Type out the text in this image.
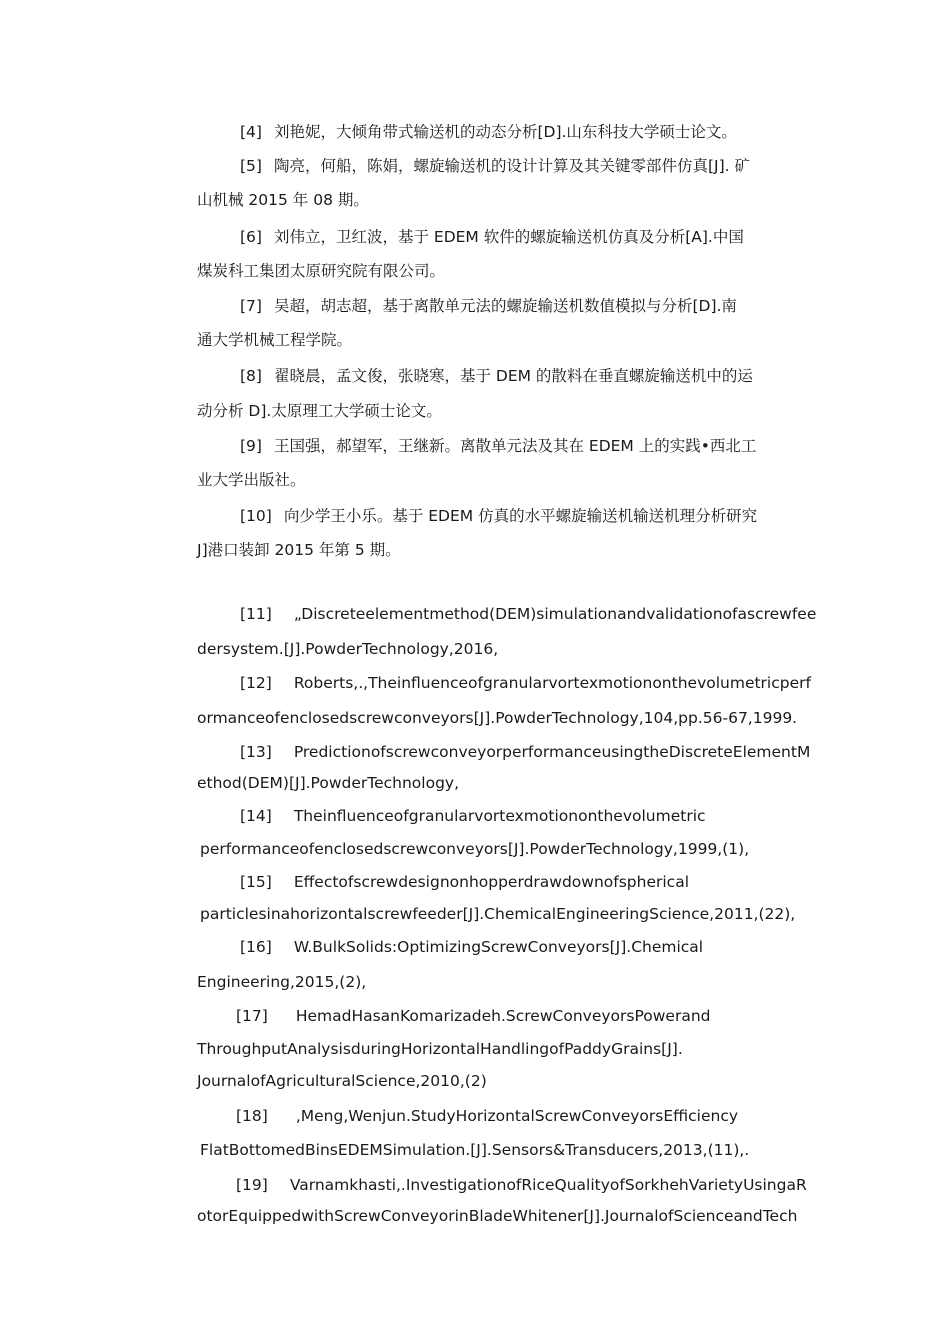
[4] 刘艳妮，大倾角带式输送机的动态分析[D].山东科技大学硕士论文。
[5] 陶亮，何船，陈娟，螺旋输送机的设计计算及其关键零部件仿真[J]. 矿
山机械 2015 年 08 期。
[6] 刘伟立，卫红波，基于 EDEM 软件的螺旋输送机仿真及分析[A].中国
煤炭科工集团太原研究院有限公司。
[7] 吴超，胡志超，基于离散单元法的螺旋输送机数值模拟与分析[D].南
通大学机械工程学院。
[8] 翟晓晨，孟文俊，张晓寒，基于 DEM 的散料在垂直螺旋输送机中的运
动分析 D].太原理工大学硕士论文。
[9] 王国强，郝望军，王继新。离散单元法及其在 EDEM 上的实践•西北工
业大学出版社。
[10] 向少学王小乐。基于 EDEM 仿真的水平螺旋输送机输送机理分析研究
J]港口装卸 2015 年第 5 期。
[11] „Discreteelementmethod(DEM)simulationandvalidationofascrewfee
dersystem.[J].PowderTechnology,2016,
[12] Roberts,.,Theinfluenceofgranularvortexmotiononthevolumetricperf
ormanceofenclosedscrewconveyors[J].PowderTechnology,104,pp.56-67,1999.
[13] PredictionofscrewconveyorperformanceusingtheDiscreteElementM
ethod(DEM)[J].PowderTechnology,
[14] Theinfluenceofgranularvortexmotiononthevolumetric
performanceofenclosedscrewconveyors[J].PowderTechnology,1999,(1),
[15] Effectofscrewdesignonhopperdrawdownofspherical
particlesinahorizontalscrewfeeder[J].ChemicalEngineeringScience,2011,(22),
[16] W.BulkSolids:OptimizingScrewConveyors[J].Chemical
Engineering,2015,(2),
[17] HemadHasanKomarizadeh.ScrewConveyorsPowerand
ThroughputAnalysisduringHorizontalHandlingofPaddyGrains[J].
JournalofAgriculturalScience,2010,(2)
[18] ,Meng,Wenjun.StudyHorizontalScrewConveyorsEfficiency
FlatBottomedBinsEDEMSimulation.[J].Sensors&Transducers,2013,(11),.
[19] Varnamkhasti,.InvestigationofRiceQualityofSorkhehVarietyUsingaR
otorEquippedwithScrewConveyorinBladeWhitener[J].JournalofScienceandTech
